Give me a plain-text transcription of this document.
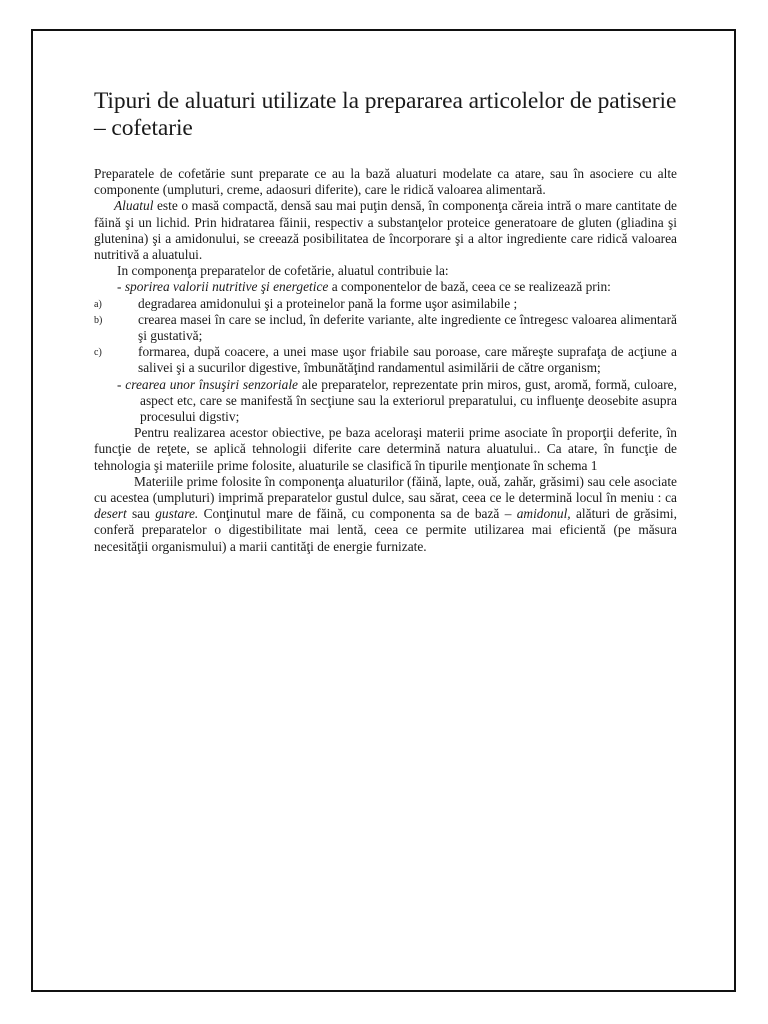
Tipuri de aluaturi utilizate la prepararea articolelor de patiserie – cofetarie

Preparatele de cofetărie sunt preparate ce au la bază aluaturi modelate ca atare, sau în asociere cu alte componente (umpluturi, creme, adaosuri diferite), care le ridică valoarea alimentară.

Aluatul este o masă compactă, densă sau mai puţin densă, în componenţa căreia intră o mare cantitate de făină şi un lichid. Prin hidratarea făinii, respectiv a substanţelor proteice generatoare de gluten (gliadina şi glutenina) şi a amidonului, se creează posibilitatea de încorporare şi a altor ingrediente care ridică valoarea nutritivă a aluatului.

In componenţa preparatelor de cofetărie, aluatul contribuie la:

- sporirea valorii nutritive şi energetice a componentelor de bază, ceea ce se realizează prin:

a)	degradarea amidonului şi a proteinelor pană la forme uşor asimilabile ;

b)	crearea masei în care se includ, în deferite variante, alte ingrediente ce întregesc valoarea alimentară şi gustativă;

c)	formarea, după coacere, a unei mase uşor friabile sau poroase, care măreşte suprafaţa de acţiune a salivei şi a sucurilor digestive, îmbunătăţind randamentul asimilării de către organism;

- crearea unor însuşiri senzoriale ale preparatelor, reprezentate prin miros, gust, aromă, formă, culoare, aspect etc, care se manifestă în secţiune sau la exteriorul preparatului, cu influenţe deosebite asupra procesului digstiv;

Pentru realizarea acestor obiective, pe baza aceloraşi materii prime asociate în proporţii deferite, în funcţie de reţete, se aplică tehnologii diferite care determină natura aluatului.. Ca atare, în funcţie de tehnologia şi materiile prime folosite, aluaturile se clasifică în tipurile menţionate în schema 1

Materiile prime folosite în componenţa aluaturilor (făină, lapte, ouă, zahăr, grăsimi) sau cele asociate cu acestea (umpluturi) imprimă preparatelor gustul dulce, sau sărat, ceea ce le determină locul în meniu : ca desert sau gustare. Conţinutul mare de făină, cu componenta sa de bază – amidonul, alături de grăsimi, conferă preparatelor o digestibilitate mai lentă, ceea ce permite utilizarea mai eficientă (pe măsura necesităţii organismului) a marii cantităţi de energie furnizate.
